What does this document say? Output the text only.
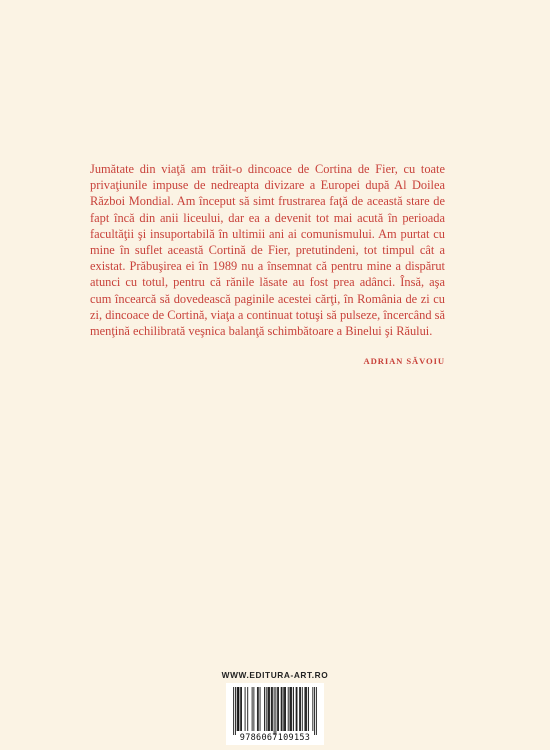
Jumătate din viaţă am trăit-o dincoace de Cortina de Fier, cu toate privaţiunile impuse de nedreapta divizare a Europei după Al Doilea Război Mondial. Am început să simt frustrarea faţă de această stare de fapt încă din anii liceului, dar ea a devenit tot mai acută în perioada facultăţii şi insuportabilă în ultimii ani ai comunismului. Am purtat cu mine în suflet această Cortină de Fier, pretutindeni, tot timpul cât a existat. Prăbuşirea ei în 1989 nu a însemnat că pentru mine a dispărut atunci cu totul, pentru că rănile lăsate au fost prea adânci. Însă, aşa cum încearcă să dovedească paginile acestei cărţi, în România de zi cu zi, dincoace de Cortină, viaţa a continuat totuşi să pulseze, încercând să menţină echilibrată veşnica balanţă schimbătoare a Binelui şi Răului.

ADRIAN SĂVOIU
WWW.EDITURA-ART.RO
9786067109153
